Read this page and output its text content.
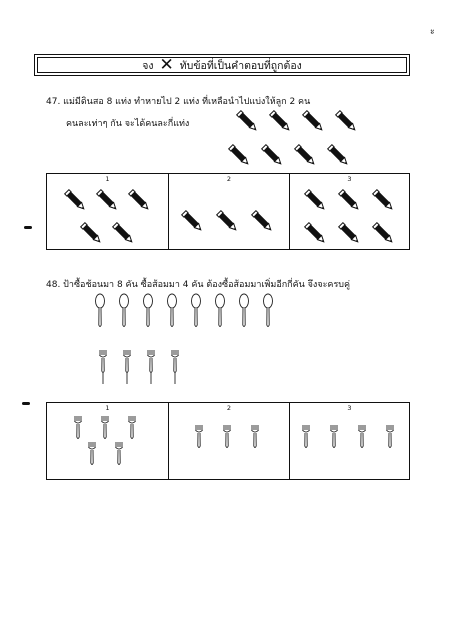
ะ
จง ✕ ทับข้อที่เป็นคำตอบที่ถูกต้อง
47. แม่มีดินสอ 8 แท่ง ทำหายไป 2 แท่ง ที่เหลือนำไปแบ่งให้ลูก 2 คน
คนละเท่าๆ กัน จะได้คนละกี่แท่ง
1	2	3
48. ป้าซื้อช้อนมา 8 คัน ซื้อส้อมมา 4 คัน ต้องซื้อส้อมมาเพิ่มอีกกี่คัน จึงจะครบคู่
1	2	3
